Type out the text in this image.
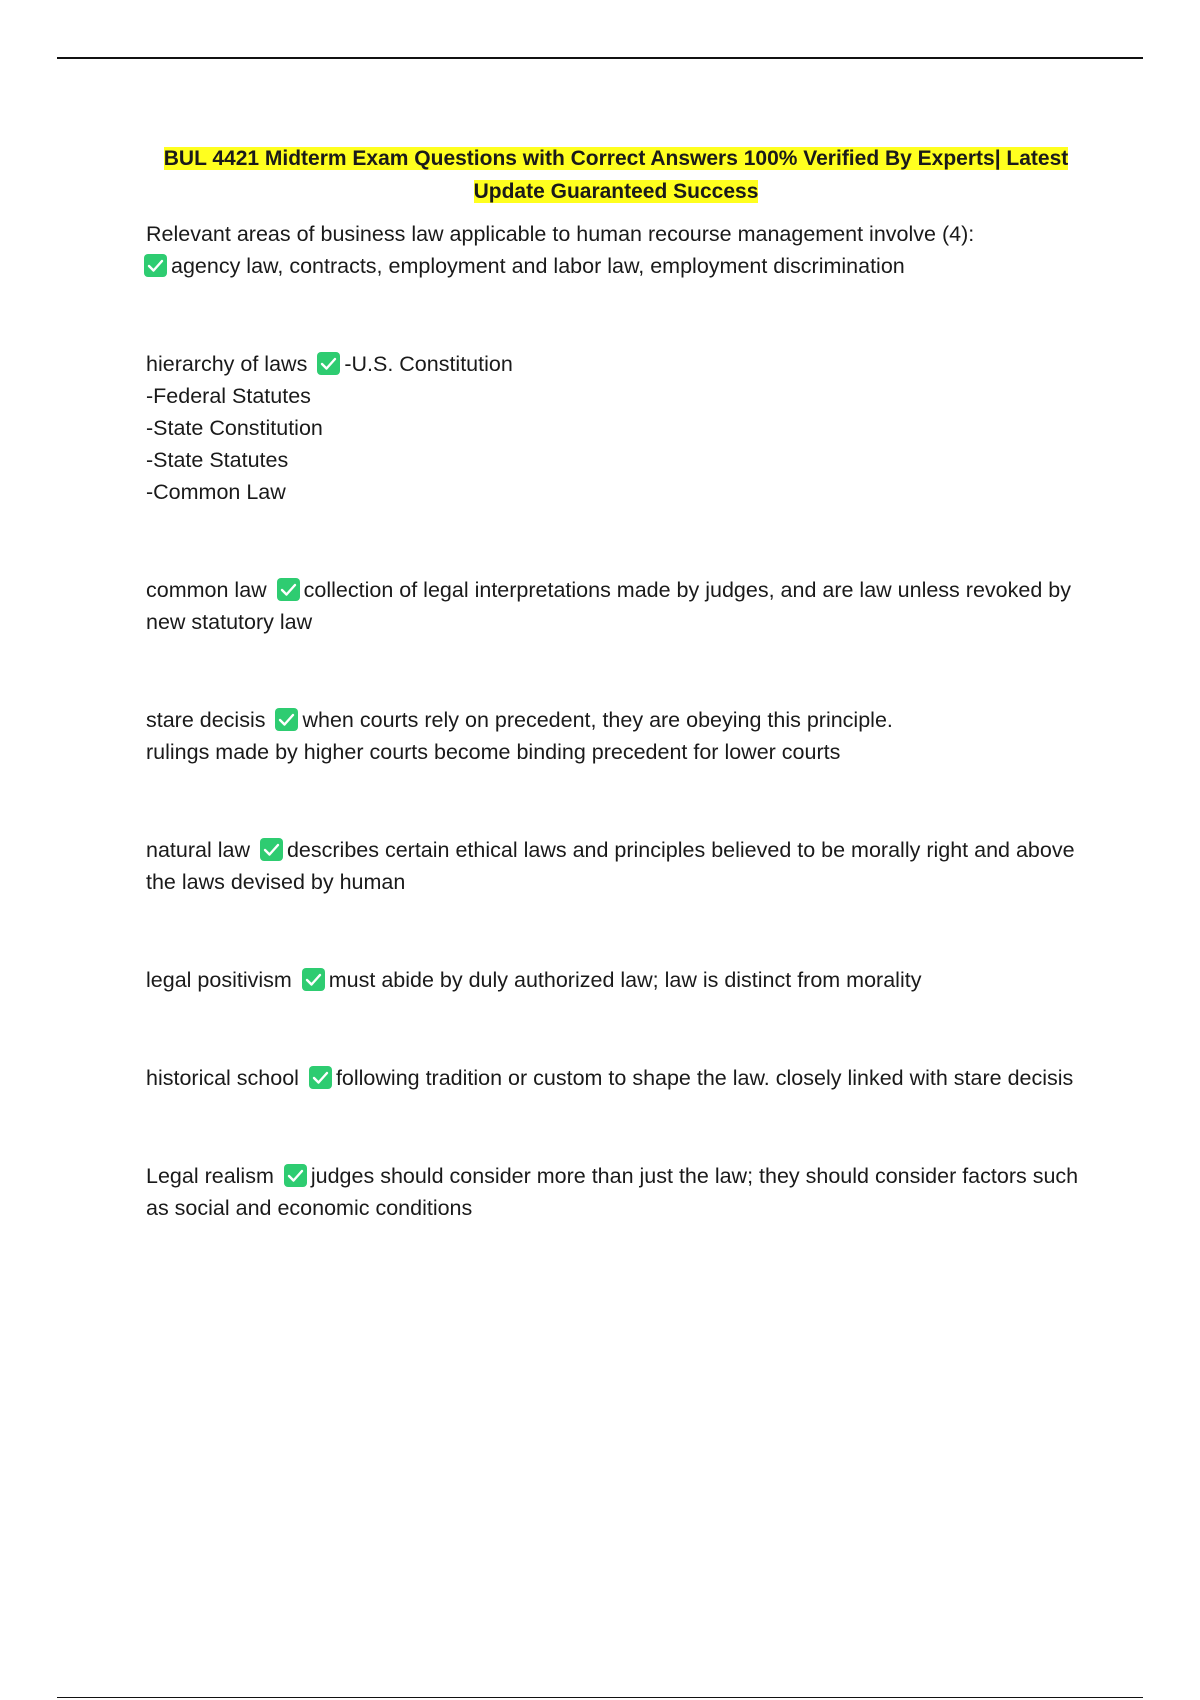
BUL 4421 Midterm Exam Questions with Correct Answers 100% Verified By Experts| Latest
Update Guaranteed Success

Relevant areas of business law applicable to human recourse management involve (4):

agency law, contracts, employment and labor law, employment discrimination

hierarchy of laws -U.S. Constitution

-Federal Statutes

-State Constitution

-State Statutes

-Common Law

common law collection of legal interpretations made by judges, and are law unless revoked by new statutory law

stare decisis when courts rely on precedent, they are obeying this principle.

rulings made by higher courts become binding precedent for lower courts

natural law describes certain ethical laws and principles believed to be morally right and above the laws devised by human

legal positivism must abide by duly authorized law; law is distinct from morality

historical school following tradition or custom to shape the law. closely linked with stare decisis

Legal realism judges should consider more than just the law; they should consider factors such as social and economic conditions
